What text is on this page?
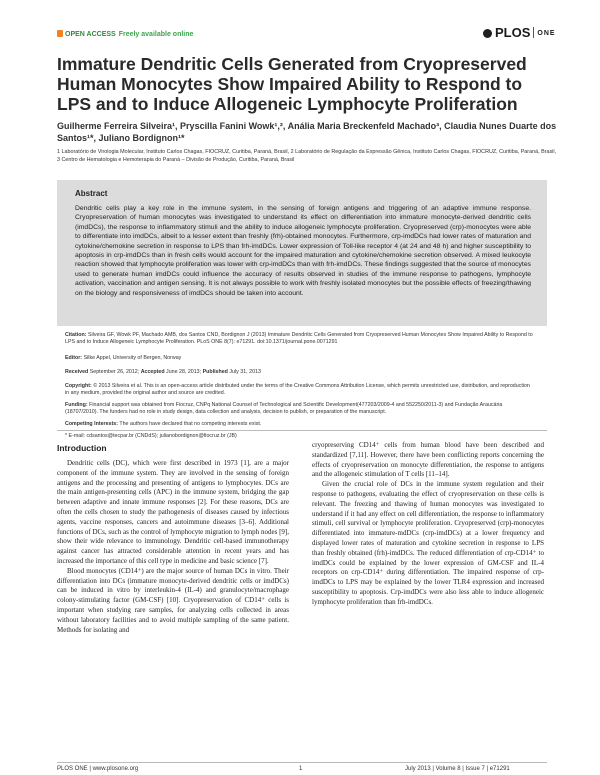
OPEN ACCESS Freely available online	PLOS ONE
Immature Dendritic Cells Generated from Cryopreserved Human Monocytes Show Impaired Ability to Respond to LPS and to Induce Allogeneic Lymphocyte Proliferation
Guilherme Ferreira Silveira¹, Pryscilla Fanini Wowk¹,², Anália Maria Breckenfeld Machado³, Claudia Nunes Duarte dos Santos¹*, Juliano Bordignon¹*
1 Laboratório de Virologia Molecular, Instituto Carlos Chagas, FIOCRUZ, Curitiba, Paraná, Brasil, 2 Laboratório de Regulação da Expressão Gênica, Instituto Carlos Chagas, FIOCRUZ, Curitiba, Paraná, Brasil, 3 Centro de Hematologia e Hemoterapia do Paraná – Divisão de Produção, Curitiba, Paraná, Brasil
Abstract

Dendritic cells play a key role in the immune system, in the sensing of foreign antigens and triggering of an adaptive immune response. Cryopreservation of human monocytes was investigated to understand its effect on differentiation into immature monocyte-derived dendritic cells (imdDCs), the response to inflammatory stimuli and the ability to induce allogeneic lymphocyte proliferation. Cryopreserved (crp)-monocytes were able to differentiate into imdDCs, albeit to a lesser extent than freshly (frh)-obtained monocytes. Furthermore, crp-imdDCs had lower rates of maturation and cytokine/chemokine secretion in response to LPS than frh-imdDCs. Lower expression of Toll-like receptor 4 (at 24 and 48 h) and higher susceptibility to apoptosis in crp-imdDCs than in fresh cells would account for the impaired maturation and cytokine/chemokine secretion observed. A mixed leukocyte reaction showed that lymphocyte proliferation was lower with crp-imdDCs than with frh-imdDCs. These findings suggested that the source of monocytes used to generate human imdDCs could influence the accuracy of results observed in studies of the immune response to pathogens, lymphocyte activation, vaccination and antigen sensing. It is not always possible to work with freshly isolated monocytes but the possible effects of freezing/thawing on the biology and responsiveness of imdDCs should be taken into account.

Citation: Silveira GF, Wowk PF, Machado AMB, dos Santos CND, Bordignon J (2013) Immature Dendritic Cells Generated from Cryopreserved Human Monocytes Show Impaired Ability to Respond to LPS and to Induce Allogeneic Lymphocyte Proliferation. PLoS ONE 8(7): e71291. doi:10.1371/journal.pone.0071291
Editor: Silke Appel, University of Bergen, Norway
Received September 26, 2012; Accepted June 28, 2013; Published July 31, 2013
Copyright: © 2013 Silveira et al. This is an open-access article distributed under the terms of the Creative Commons Attribution License, which permits unrestricted use, distribution, and reproduction in any medium, provided the original author and source are credited.
Funding: Financial support was obtained from Fiocruz, CNPq National Counsel of Technological and Scientific Development(477203/2009-4 and 552250/2011-3) and Fundação Araucária (18707/2010). The funders had no role in study design, data collection and analysis, decision to publish, or preparation of the manuscript.
Competing Interests: The authors have declared that no competing interests exist.
* E-mail: cdsantos@tecpar.br (CNDdS); julianobordignon@fiocruz.br (JB)
Introduction

Dendritic cells (DC), which were first described in 1973 [1], are a major component of the immune system. They are involved in the sensing of foreign antigens and the processing and presenting of antigens to lymphocytes. DCs are the main antigen-presenting cells (APC) in the immune system, bridging the gap between adaptive and innate immune responses [2]. For these reasons, DCs are often the cells chosen to study the pathogenesis of diseases caused by infectious agents, vaccine responses, cancers and autoimmune diseases [3–6]. Additional functions of DCs, such as the control of lymphocyte migration to lymph nodes [9], show their wide relevance to immunology. Dendritic cell-based immunotherapy against cancer has attracted considerable attention in recent years and has increased the importance of this cell type in medicine and basic science [7].

Blood monocytes (CD14⁺) are the major source of human DCs in vitro. Their differentiation into DCs (immature monocyte-derived dendritic cells or imdDCs) can be induced in vitro by interleukin-4 (IL-4) and granulocyte/macrophage colony-stimulating factor (GM-CSF) [10]. Cryopreservation of CD14⁺ cells is important when studying rare samples, for analyzing cells collected in areas without laboratory facilities and to avoid multiple sampling of the same patient. Methods for isolating and

cryopreserving CD14⁺ cells from human blood have been described and standardized [7,11]. However, there have been conflicting reports concerning the effects of cryopreservation on monocyte differentiation, the response to antigens and the allogeneic stimulation of T cells [11–14].

Given the crucial role of DCs in the immune system regulation and their response to pathogens, evaluating the effect of cryopreservation on these cells is relevant. The freezing and thawing of human monocytes was investigated to understand if it had any effect on cell differentiation, the response to inflammatory stimuli, cell survival or lymphocyte proliferation. Cryopreserved (crp)-monocytes differentiated into immature-mdDCs (crp-imdDCs) at a lower frequency and displayed lower rates of maturation and cytokine secretion in response to LPS than freshly obtained (frh)-imdDCs. The reduced differentiation of crp-CD14⁺ to imdDCs could be explained by the lower expression of GM-CSF and IL-4 receptors on crp-CD14⁺ during differentiation. The impaired response of crp-imdDCs to LPS may be explained by the lower TLR4 expression and increased susceptibility to apoptosis. Crp-imdDCs were also less able to induce allogeneic lymphocyte proliferation than frh-imdDCs.

PLOS ONE | www.plosone.org	1	July 2013 | Volume 8 | Issue 7 | e71291
